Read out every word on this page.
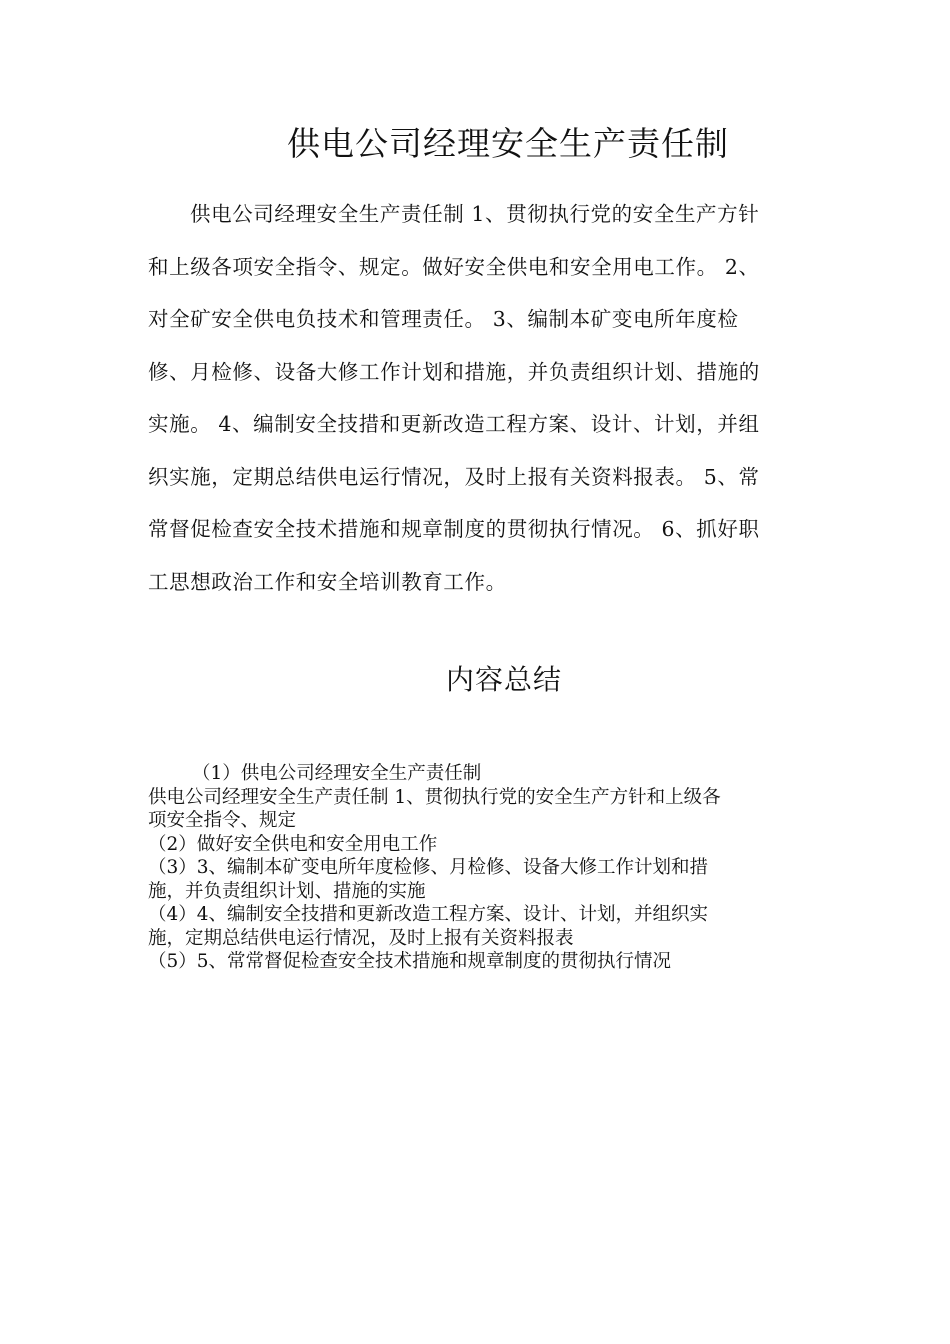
供电公司经理安全生产责任制
供电公司经理安全生产责任制 1、贯彻执行党的安全生产方针
和上级各项安全指令、规定。做好安全供电和安全用电工作。 2、
对全矿安全供电负技术和管理责任。 3、编制本矿变电所年度检
修、月检修、设备大修工作计划和措施，并负责组织计划、措施的
实施。 4、编制安全技措和更新改造工程方案、设计、计划，并组
织实施，定期总结供电运行情况，及时上报有关资料报表。 5、常
常督促检查安全技术措施和规章制度的贯彻执行情况。 6、抓好职
工思想政治工作和安全培训教育工作。
内容总结
（1）供电公司经理安全生产责任制
供电公司经理安全生产责任制 1、贯彻执行党的安全生产方针和上级各
项安全指令、规定
（2）做好安全供电和安全用电工作
（3）3、编制本矿变电所年度检修、月检修、设备大修工作计划和措
施，并负责组织计划、措施的实施
（4）4、编制安全技措和更新改造工程方案、设计、计划，并组织实
施，定期总结供电运行情况，及时上报有关资料报表
（5）5、常常督促检查安全技术措施和规章制度的贯彻执行情况
